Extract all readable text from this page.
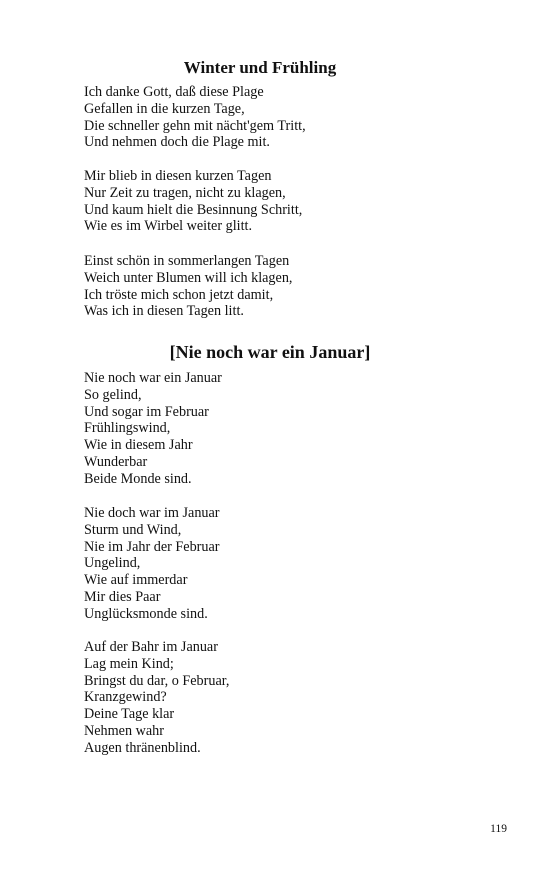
Winter und Frühling
Ich danke Gott, daß diese Plage
Gefallen in die kurzen Tage,
Die schneller gehn mit nächt'gem Tritt,
Und nehmen doch die Plage mit.
Mir blieb in diesen kurzen Tagen
Nur Zeit zu tragen, nicht zu klagen,
Und kaum hielt die Besinnung Schritt,
Wie es im Wirbel weiter glitt.
Einst schön in sommerlangen Tagen
Weich unter Blumen will ich klagen,
Ich tröste mich schon jetzt damit,
Was ich in diesen Tagen litt.
[Nie noch war ein Januar]
Nie noch war ein Januar
So gelind,
Und sogar im Februar
Frühlingswind,
Wie in diesem Jahr
Wunderbar
Beide Monde sind.
Nie doch war im Januar
Sturm und Wind,
Nie im Jahr der Februar
Ungelind,
Wie auf immerdar
Mir dies Paar
Unglücksmonde sind.
Auf der Bahr im Januar
Lag mein Kind;
Bringst du dar, o Februar,
Kranzgewind?
Deine Tage klar
Nehmen wahr
Augen thränenblind.
119
